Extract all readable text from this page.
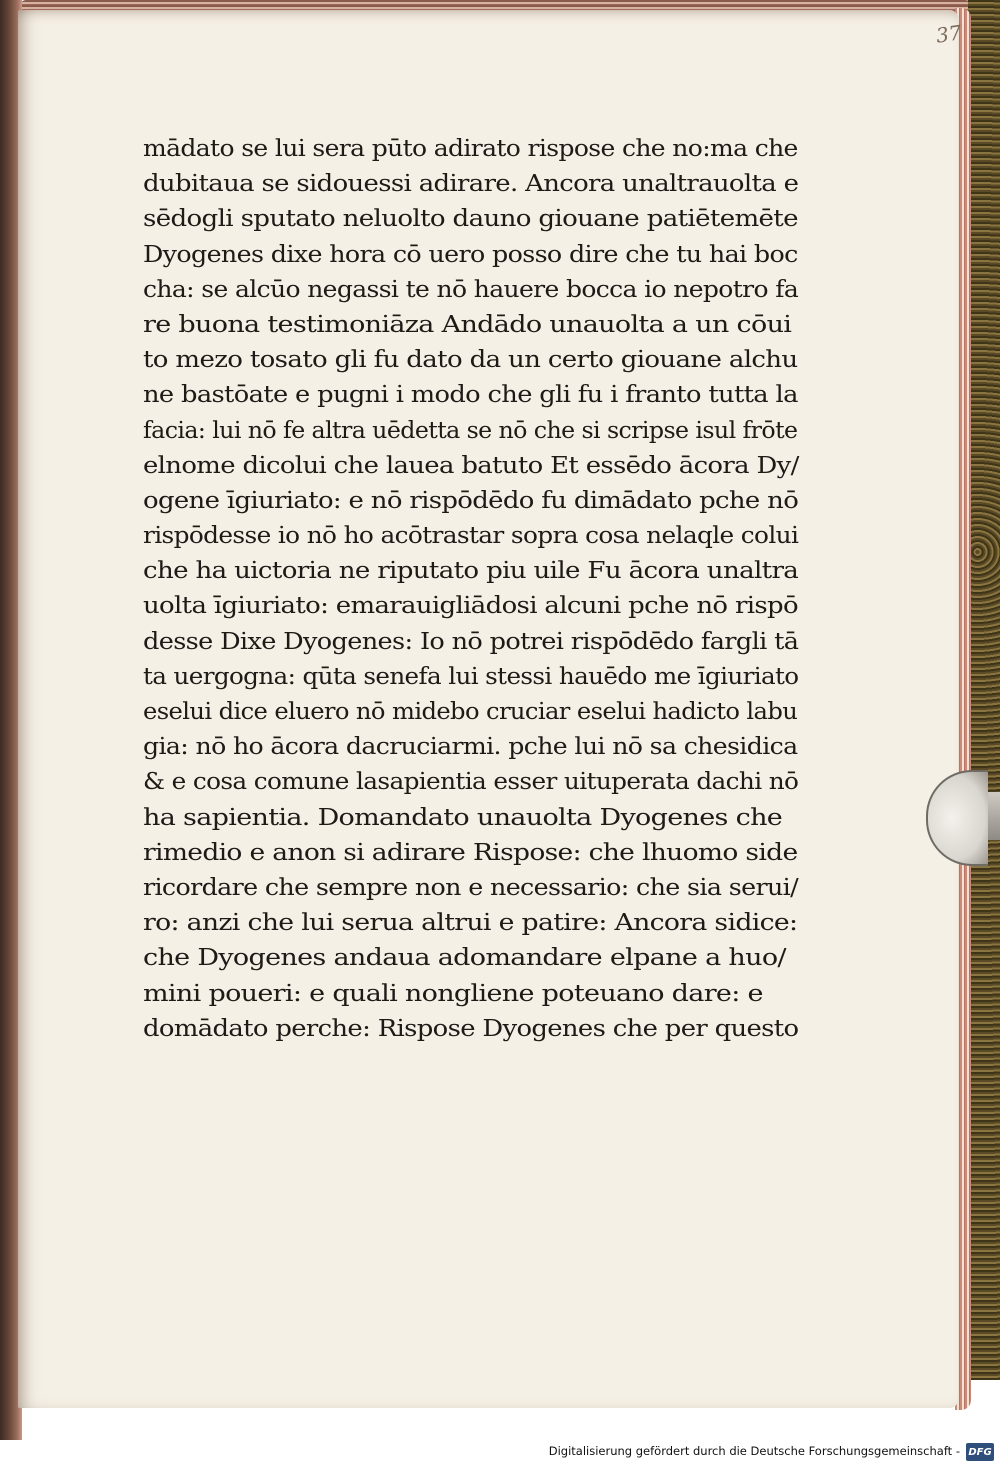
37
mādato se lui sera pūto adirato rispose che no:ma che
dubitaua se sidouessi adirare. Ancora unaltrauolta e
sēdogli sputato neluolto dauno giouane patiētemēte
Dyogenes dixe hora cō uero posso dire che tu hai boc
cha: se alcūo negassi te nō hauere bocca io nepotro fa
re buona testimoniāza Andādo unauolta a un cōui
to mezo tosato gli fu dato da un certo giouane alchu
ne bastōate e pugni i modo che gli fu i franto tutta la
facia: lui nō fe altra uēdetta se nō che si scripse isul frōte
elnome dicolui che lauea batuto Et essēdo ācora Dy/
ogene īgiuriato: e nō rispōdēdo fu dimādato pche nō
rispōdesse io nō ho acōtrastar sopra cosa nelaqle colui
che ha uictoria ne riputato piu uile Fu ācora unaltra
uolta īgiuriato: emarauigliādosi alcuni pche nō rispō
desse Dixe Dyogenes: Io nō potrei rispōdēdo fargli tā
ta uergogna: qūta senefa lui stessi hauēdo me īgiuriato
eselui dice eluero nō midebo cruciar eselui hadicto labu
gia: nō ho ācora dacruciarmi. pche lui nō sa chesidica
& e cosa comune lasapientia esser uituperata dachi nō
ha sapientia. Domandato unauolta Dyogenes che
rimedio e anon si adirare Rispose: che lhuomo side
ricordare che sempre non e necessario: che sia serui/
ro: anzi che lui serua altrui e patire: Ancora sidice:
che Dyogenes andaua adomandare elpane a huo/
mini poueri: e quali nongliene poteuano dare: e
domādato perche: Rispose Dyogenes che per questo
Digitalisierung gefördert durch die Deutsche Forschungsgemeinschaft - DFG
